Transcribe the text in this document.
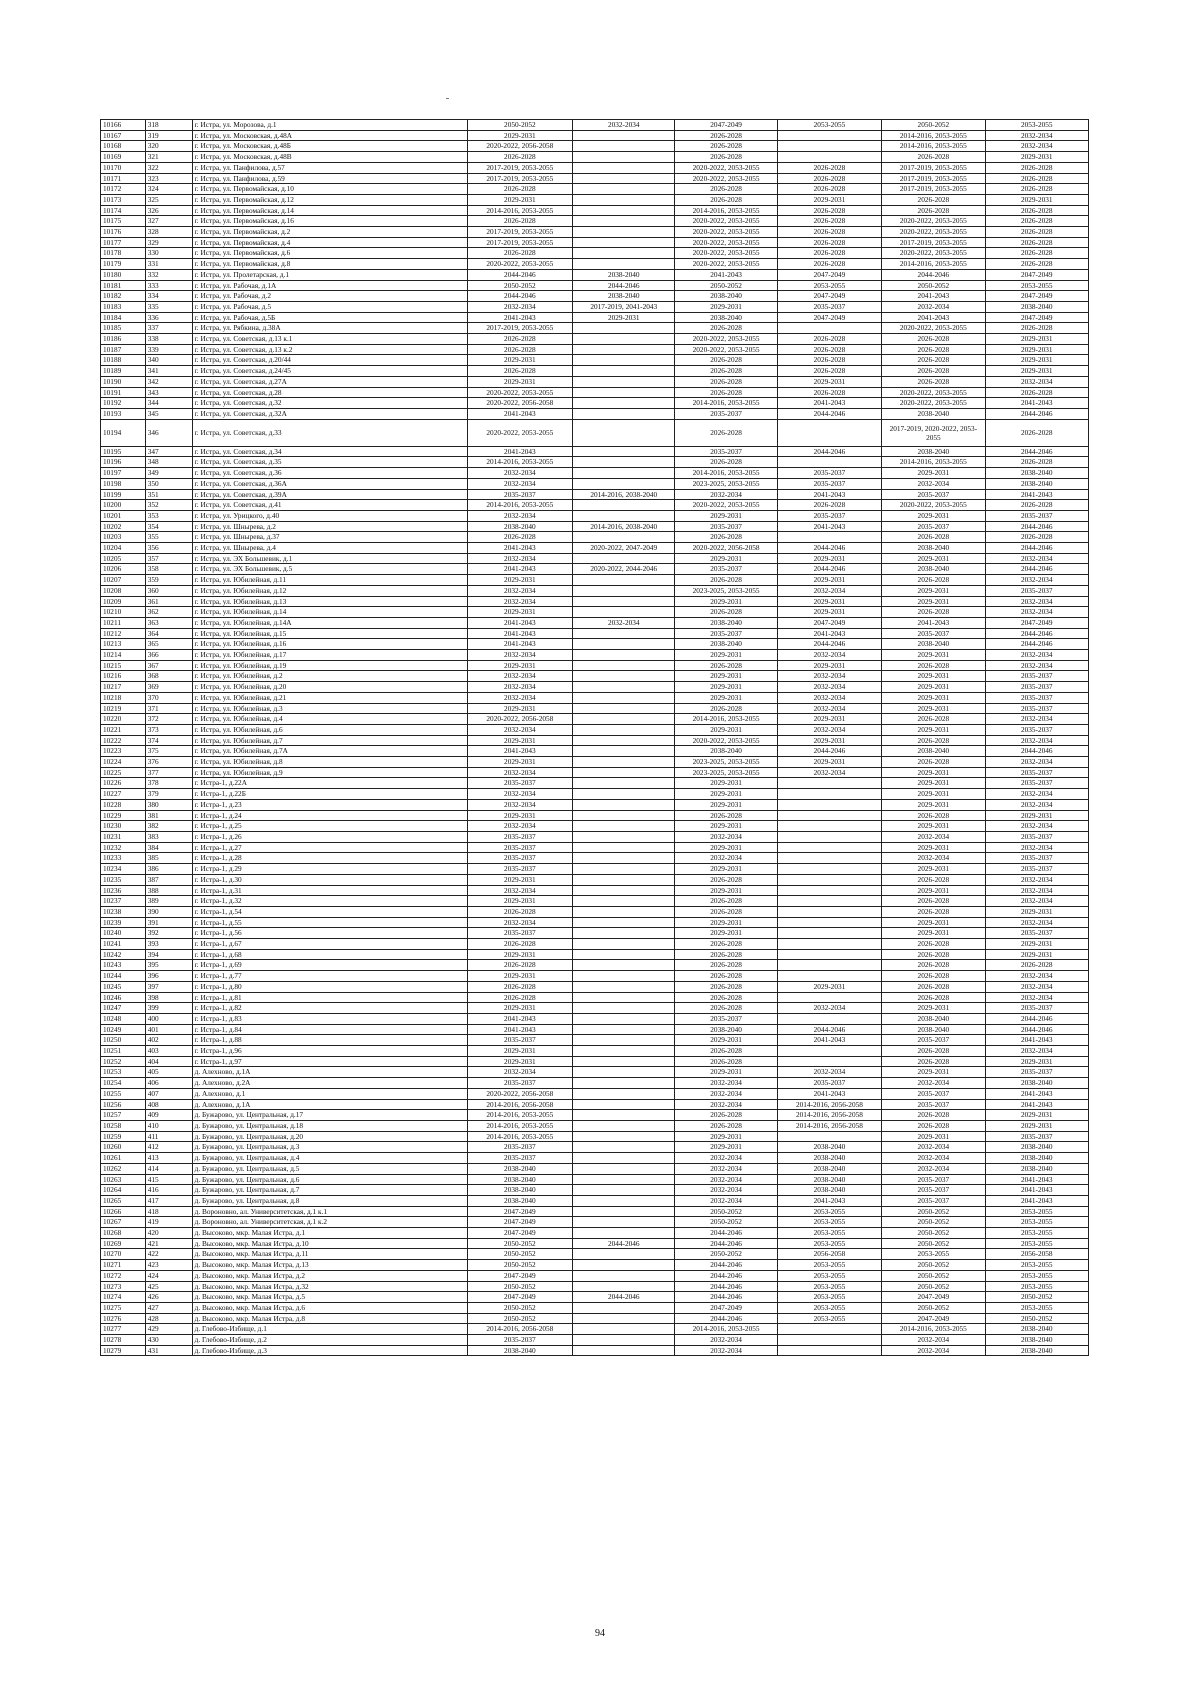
10166	318	г. Истра, ул. Морозова, д.1	2050-2052	2032-2034	2047-2049	2053-2055	2050-2052	2053-2055
10167	319	г. Истра, ул. Московская, д.48А	2029-2031		2026-2028		2014-2016, 2053-2055	2032-2034
10168	320	г. Истра, ул. Московская, д.48Б	2020-2022, 2056-2058		2026-2028		2014-2016, 2053-2055	2032-2034
10169	321	г. Истра, ул. Московская, д.48В	2026-2028		2026-2028		2026-2028	2029-2031
10170	322	г. Истра, ул. Панфилова, д.57	2017-2019, 2053-2055		2020-2022, 2053-2055	2026-2028	2017-2019, 2053-2055	2026-2028
10171	323	г. Истра, ул. Панфилова, д.59	2017-2019, 2053-2055		2020-2022, 2053-2055	2026-2028	2017-2019, 2053-2055	2026-2028
10172	324	г. Истра, ул. Первомайская, д.10	2026-2028		2026-2028	2026-2028	2017-2019, 2053-2055	2026-2028
10173	325	г. Истра, ул. Первомайская, д.12	2029-2031		2026-2028	2029-2031	2026-2028	2029-2031
10174	326	г. Истра, ул. Первомайская, д.14	2014-2016, 2053-2055		2014-2016, 2053-2055	2026-2028	2026-2028	2026-2028
10175	327	г. Истра, ул. Первомайская, д.16	2026-2028		2020-2022, 2053-2055	2026-2028	2020-2022, 2053-2055	2026-2028
10176	328	г. Истра, ул. Первомайская, д.2	2017-2019, 2053-2055		2020-2022, 2053-2055	2026-2028	2020-2022, 2053-2055	2026-2028
10177	329	г. Истра, ул. Первомайская, д.4	2017-2019, 2053-2055		2020-2022, 2053-2055	2026-2028	2017-2019, 2053-2055	2026-2028
10178	330	г. Истра, ул. Первомайская, д.6	2026-2028		2020-2022, 2053-2055	2026-2028	2020-2022, 2053-2055	2026-2028
10179	331	г. Истра, ул. Первомайская, д.8	2020-2022, 2053-2055		2020-2022, 2053-2055	2026-2028	2014-2016, 2053-2055	2026-2028
10180	332	г. Истра, ул. Пролетарская, д.1	2044-2046	2038-2040	2041-2043	2047-2049	2044-2046	2047-2049
10181	333	г. Истра, ул. Рабочая, д.1А	2050-2052	2044-2046	2050-2052	2053-2055	2050-2052	2053-2055
10182	334	г. Истра, ул. Рабочая, д.2	2044-2046	2038-2040	2038-2040	2047-2049	2041-2043	2047-2049
10183	335	г. Истра, ул. Рабочая, д.5	2032-2034	2017-2019, 2041-2043	2029-2031	2035-2037	2032-2034	2038-2040
10184	336	г. Истра, ул. Рабочая, д.5Б	2041-2043	2029-2031	2038-2040	2047-2049	2041-2043	2047-2049
10185	337	г. Истра, ул. Рябкина, д.38А	2017-2019, 2053-2055		2026-2028		2020-2022, 2053-2055	2026-2028
10186	338	г. Истра, ул. Советская, д.13 к.1	2026-2028		2020-2022, 2053-2055	2026-2028	2026-2028	2029-2031
10187	339	г. Истра, ул. Советская, д.13 к.2	2026-2028		2020-2022, 2053-2055	2026-2028	2026-2028	2029-2031
10188	340	г. Истра, ул. Советская, д.20/44	2029-2031		2026-2028	2026-2028	2026-2028	2029-2031
10189	341	г. Истра, ул. Советская, д.24/45	2026-2028		2026-2028	2026-2028	2026-2028	2029-2031
10190	342	г. Истра, ул. Советская, д.27А	2029-2031		2026-2028	2029-2031	2026-2028	2032-2034
10191	343	г. Истра, ул. Советская, д.28	2020-2022, 2053-2055		2026-2028	2026-2028	2020-2022, 2053-2055	2026-2028
10192	344	г. Истра, ул. Советская, д.32	2020-2022, 2056-2058		2014-2016, 2053-2055	2041-2043	2020-2022, 2053-2055	2041-2043
10193	345	г. Истра, ул. Советская, д.32А	2041-2043		2035-2037	2044-2046	2038-2040	2044-2046
10194	346	г. Истра, ул. Советская, д.33	2020-2022, 2053-2055		2026-2028		2017-2019, 2020-2022, 2053-2055	2026-2028
10195	347	г. Истра, ул. Советская, д.34	2041-2043		2035-2037	2044-2046	2038-2040	2044-2046
10196	348	г. Истра, ул. Советская, д.35	2014-2016, 2053-2055		2026-2028		2014-2016, 2053-2055	2026-2028
10197	349	г. Истра, ул. Советская, д.36	2032-2034		2014-2016, 2053-2055	2035-2037	2029-2031	2038-2040
10198	350	г. Истра, ул. Советская, д.36А	2032-2034		2023-2025, 2053-2055	2035-2037	2032-2034	2038-2040
10199	351	г. Истра, ул. Советская, д.39А	2035-2037	2014-2016, 2038-2040	2032-2034	2041-2043	2035-2037	2041-2043
10200	352	г. Истра, ул. Советская, д.41	2014-2016, 2053-2055		2020-2022, 2053-2055	2026-2028	2020-2022, 2053-2055	2026-2028
10201	353	г. Истра, ул. Урицкого, д.40	2032-2034		2029-2031	2035-2037	2029-2031	2035-2037
10202	354	г. Истра, ул. Шнырева, д.2	2038-2040	2014-2016, 2038-2040	2035-2037	2041-2043	2035-2037	2044-2046
10203	355	г. Истра, ул. Шнырева, д.37	2026-2028		2026-2028		2026-2028	2026-2028
10204	356	г. Истра, ул. Шнырева, д.4	2041-2043	2020-2022, 2047-2049	2020-2022, 2056-2058	2044-2046	2038-2040	2044-2046
10205	357	г. Истра, ул. ЭХ Большевик, д.1	2032-2034		2029-2031	2029-2031	2029-2031	2032-2034
10206	358	г. Истра, ул. ЭХ Большевик, д.5	2041-2043	2020-2022, 2044-2046	2035-2037	2044-2046	2038-2040	2044-2046
10207	359	г. Истра, ул. Юбилейная, д.11	2029-2031		2026-2028	2029-2031	2026-2028	2032-2034
10208	360	г. Истра, ул. Юбилейная, д.12	2032-2034		2023-2025, 2053-2055	2032-2034	2029-2031	2035-2037
10209	361	г. Истра, ул. Юбилейная, д.13	2032-2034		2029-2031	2029-2031	2029-2031	2032-2034
10210	362	г. Истра, ул. Юбилейная, д.14	2029-2031		2026-2028	2029-2031	2026-2028	2032-2034
10211	363	г. Истра, ул. Юбилейная, д.14А	2041-2043	2032-2034	2038-2040	2047-2049	2041-2043	2047-2049
10212	364	г. Истра, ул. Юбилейная, д.15	2041-2043		2035-2037	2041-2043	2035-2037	2044-2046
10213	365	г. Истра, ул. Юбилейная, д.16	2041-2043		2038-2040	2044-2046	2038-2040	2044-2046
10214	366	г. Истра, ул. Юбилейная, д.17	2032-2034		2029-2031	2032-2034	2029-2031	2032-2034
10215	367	г. Истра, ул. Юбилейная, д.19	2029-2031		2026-2028	2029-2031	2026-2028	2032-2034
10216	368	г. Истра, ул. Юбилейная, д.2	2032-2034		2029-2031	2032-2034	2029-2031	2035-2037
10217	369	г. Истра, ул. Юбилейная, д.20	2032-2034		2029-2031	2032-2034	2029-2031	2035-2037
10218	370	г. Истра, ул. Юбилейная, д.21	2032-2034		2029-2031	2032-2034	2029-2031	2035-2037
10219	371	г. Истра, ул. Юбилейная, д.3	2029-2031		2026-2028	2032-2034	2029-2031	2035-2037
10220	372	г. Истра, ул. Юбилейная, д.4	2020-2022, 2056-2058		2014-2016, 2053-2055	2029-2031	2026-2028	2032-2034
10221	373	г. Истра, ул. Юбилейная, д.6	2032-2034		2029-2031	2032-2034	2029-2031	2035-2037
10222	374	г. Истра, ул. Юбилейная, д.7	2029-2031		2020-2022, 2053-2055	2029-2031	2026-2028	2032-2034
10223	375	г. Истра, ул. Юбилейная, д.7А	2041-2043		2038-2040	2044-2046	2038-2040	2044-2046
10224	376	г. Истра, ул. Юбилейная, д.8	2029-2031		2023-2025, 2053-2055	2029-2031	2026-2028	2032-2034
10225	377	г. Истра, ул. Юбилейная, д.9	2032-2034		2023-2025, 2053-2055	2032-2034	2029-2031	2035-2037
10226	378	г. Истра-1, д.22А	2035-2037		2029-2031		2029-2031	2035-2037
10227	379	г. Истра-1, д.22Б	2032-2034		2029-2031		2029-2031	2032-2034
10228	380	г. Истра-1, д.23	2032-2034		2029-2031		2029-2031	2032-2034
10229	381	г. Истра-1, д.24	2029-2031		2026-2028		2026-2028	2029-2031
10230	382	г. Истра-1, д.25	2032-2034		2029-2031		2029-2031	2032-2034
10231	383	г. Истра-1, д.26	2035-2037		2032-2034		2032-2034	2035-2037
10232	384	г. Истра-1, д.27	2035-2037		2029-2031		2029-2031	2032-2034
10233	385	г. Истра-1, д.28	2035-2037		2032-2034		2032-2034	2035-2037
10234	386	г. Истра-1, д.29	2035-2037		2029-2031		2029-2031	2035-2037
10235	387	г. Истра-1, д.30	2029-2031		2026-2028		2026-2028	2032-2034
10236	388	г. Истра-1, д.31	2032-2034		2029-2031		2029-2031	2032-2034
10237	389	г. Истра-1, д.32	2029-2031		2026-2028		2026-2028	2032-2034
10238	390	г. Истра-1, д.54	2026-2028		2026-2028		2026-2028	2029-2031
10239	391	г. Истра-1, д.55	2032-2034		2029-2031		2029-2031	2032-2034
10240	392	г. Истра-1, д.56	2035-2037		2029-2031		2029-2031	2035-2037
10241	393	г. Истра-1, д.67	2026-2028		2026-2028		2026-2028	2029-2031
10242	394	г. Истра-1, д.68	2029-2031		2026-2028		2026-2028	2029-2031
10243	395	г. Истра-1, д.69	2026-2028		2026-2028		2026-2028	2026-2028
10244	396	г. Истра-1, д.77	2029-2031		2026-2028		2026-2028	2032-2034
10245	397	г. Истра-1, д.80	2026-2028		2026-2028	2029-2031	2026-2028	2032-2034
10246	398	г. Истра-1, д.81	2026-2028		2026-2028		2026-2028	2032-2034
10247	399	г. Истра-1, д.82	2029-2031		2026-2028	2032-2034	2029-2031	2035-2037
10248	400	г. Истра-1, д.83	2041-2043		2035-2037		2038-2040	2044-2046
10249	401	г. Истра-1, д.84	2041-2043		2038-2040	2044-2046	2038-2040	2044-2046
10250	402	г. Истра-1, д.88	2035-2037		2029-2031	2041-2043	2035-2037	2041-2043
10251	403	г. Истра-1, д.96	2029-2031		2026-2028		2026-2028	2032-2034
10252	404	г. Истра-1, д.97	2029-2031		2026-2028		2026-2028	2029-2031
10253	405	д. Алехново, д.1А	2032-2034		2029-2031	2032-2034	2029-2031	2035-2037
10254	406	д. Алехново, д.2А	2035-2037		2032-2034	2035-2037	2032-2034	2038-2040
10255	407	д. Алехново, д.1	2020-2022, 2056-2058		2032-2034	2041-2043	2035-2037	2041-2043
10256	408	д. Алехново, д.1А	2014-2016, 2056-2058		2032-2034	2014-2016, 2056-2058	2035-2037	2041-2043
10257	409	д. Бужарово, ул. Центральная, д.17	2014-2016, 2053-2055		2026-2028	2014-2016, 2056-2058	2026-2028	2029-2031
10258	410	д. Бужарово, ул. Центральная, д.18	2014-2016, 2053-2055		2026-2028	2014-2016, 2056-2058	2026-2028	2029-2031
10259	411	д. Бужарово, ул. Центральная, д.20	2014-2016, 2053-2055		2029-2031		2029-2031	2035-2037
10260	412	д. Бужарово, ул. Центральная, д.3	2035-2037		2029-2031	2038-2040	2032-2034	2038-2040
10261	413	д. Бужарово, ул. Центральная, д.4	2035-2037		2032-2034	2038-2040	2032-2034	2038-2040
10262	414	д. Бужарово, ул. Центральная, д.5	2038-2040		2032-2034	2038-2040	2032-2034	2038-2040
10263	415	д. Бужарово, ул. Центральная, д.6	2038-2040		2032-2034	2038-2040	2035-2037	2041-2043
10264	416	д. Бужарово, ул. Центральная, д.7	2038-2040		2032-2034	2038-2040	2035-2037	2041-2043
10265	417	д. Бужарово, ул. Центральная, д.8	2038-2040		2032-2034	2041-2043	2035-2037	2041-2043
10266	418	д. Вороновно, ал. Университетская, д.1 к.1	2047-2049		2050-2052	2053-2055	2050-2052	2053-2055
10267	419	д. Вороновно, ал. Университетская, д.1 к.2	2047-2049		2050-2052	2053-2055	2050-2052	2053-2055
10268	420	д. Высоково, мкр. Малая Истра, д.1	2047-2049		2044-2046	2053-2055	2050-2052	2053-2055
10269	421	д. Высоково, мкр. Малая Истра, д.10	2050-2052	2044-2046	2044-2046	2053-2055	2050-2052	2053-2055
10270	422	д. Высоково, мкр. Малая Истра, д.11	2050-2052		2050-2052	2056-2058	2053-2055	2056-2058
10271	423	д. Высоково, мкр. Малая Истра, д.13	2050-2052		2044-2046	2053-2055	2050-2052	2053-2055
10272	424	д. Высоково, мкр. Малая Истра, д.2	2047-2049		2044-2046	2053-2055	2050-2052	2053-2055
10273	425	д. Высоково, мкр. Малая Истра, д.32	2050-2052		2044-2046	2053-2055	2050-2052	2053-2055
10274	426	д. Высоково, мкр. Малая Истра, д.5	2047-2049	2044-2046	2044-2046	2053-2055	2047-2049	2050-2052
10275	427	д. Высоково, мкр. Малая Истра, д.6	2050-2052		2047-2049	2053-2055	2050-2052	2053-2055
10276	428	д. Высоково, мкр. Малая Истра, д.8	2050-2052		2044-2046	2053-2055	2047-2049	2050-2052
10277	429	д. Глебово-Избище, д.1	2014-2016, 2056-2058		2014-2016, 2053-2055		2014-2016, 2053-2055	2038-2040
10278	430	д. Глебово-Избище, д.2	2035-2037		2032-2034		2032-2034	2038-2040
10279	431	д. Глебово-Избище, д.3	2038-2040		2032-2034		2032-2034	2038-2040
94
